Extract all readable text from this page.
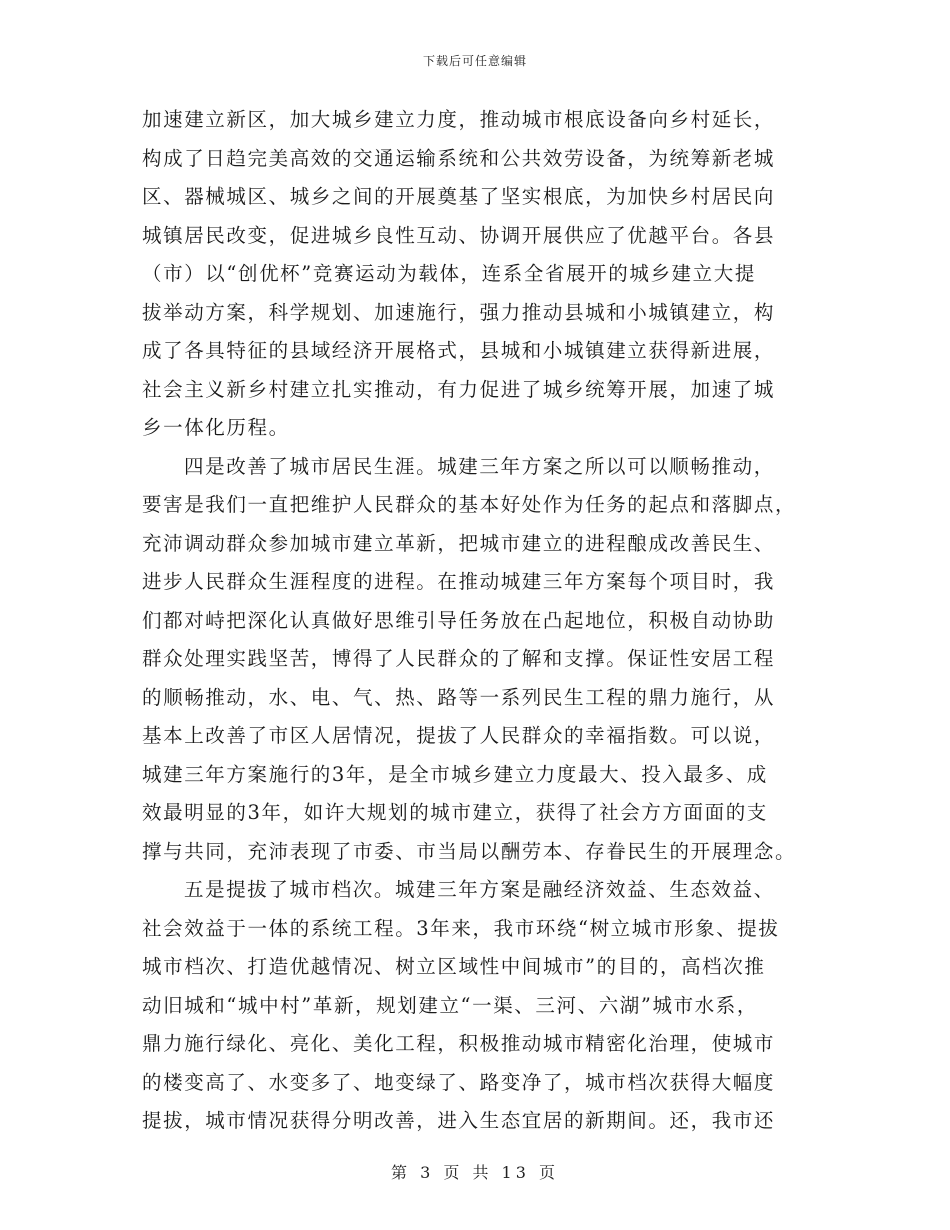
下载后可任意编辑
加速建立新区，加大城乡建立力度，推动城市根底设备向乡村延长，
构成了日趋完美高效的交通运输系统和公共效劳设备，为统筹新老城
区、器械城区、城乡之间的开展奠基了坚实根底，为加快乡村居民向
城镇居民改变，促进城乡良性互动、协调开展供应了优越平台。各县
（市）以“创优杯”竞赛运动为载体，连系全省展开的城乡建立大提
拔举动方案，科学规划、加速施行，强力推动县城和小城镇建立，构
成了各具特征的县域经济开展格式，县城和小城镇建立获得新进展，
社会主义新乡村建立扎实推动，有力促进了城乡统筹开展，加速了城
乡一体化历程。
四是改善了城市居民生涯。城建三年方案之所以可以顺畅推动，
要害是我们一直把维护人民群众的基本好处作为任务的起点和落脚点，
充沛调动群众参加城市建立革新，把城市建立的进程酿成改善民生、
进步人民群众生涯程度的进程。在推动城建三年方案每个项目时，我
们都对峙把深化认真做好思维引导任务放在凸起地位，积极自动协助
群众处理实践坚苦，博得了人民群众的了解和支撑。保证性安居工程
的顺畅推动，水、电、气、热、路等一系列民生工程的鼎力施行，从
基本上改善了市区人居情况，提拔了人民群众的幸福指数。可以说，
城建三年方案施行的3年，是全市城乡建立力度最大、投入最多、成
效最明显的3年，如许大规划的城市建立，获得了社会方方面面的支
撑与共同，充沛表现了市委、市当局以酬劳本、存眷民生的开展理念。
五是提拔了城市档次。城建三年方案是融经济效益、生态效益、
社会效益于一体的系统工程。3年来，我市环绕“树立城市形象、提拔
城市档次、打造优越情况、树立区域性中间城市”的目的，高档次推
动旧城和“城中村”革新，规划建立“一渠、三河、六湖”城市水系，
鼎力施行绿化、亮化、美化工程，积极推动城市精密化治理，使城市
的楼变高了、水变多了、地变绿了、路变净了，城市档次获得大幅度
提拔，城市情况获得分明改善，进入生态宜居的新期间。还，我市还
第 3 页 共 13 页
